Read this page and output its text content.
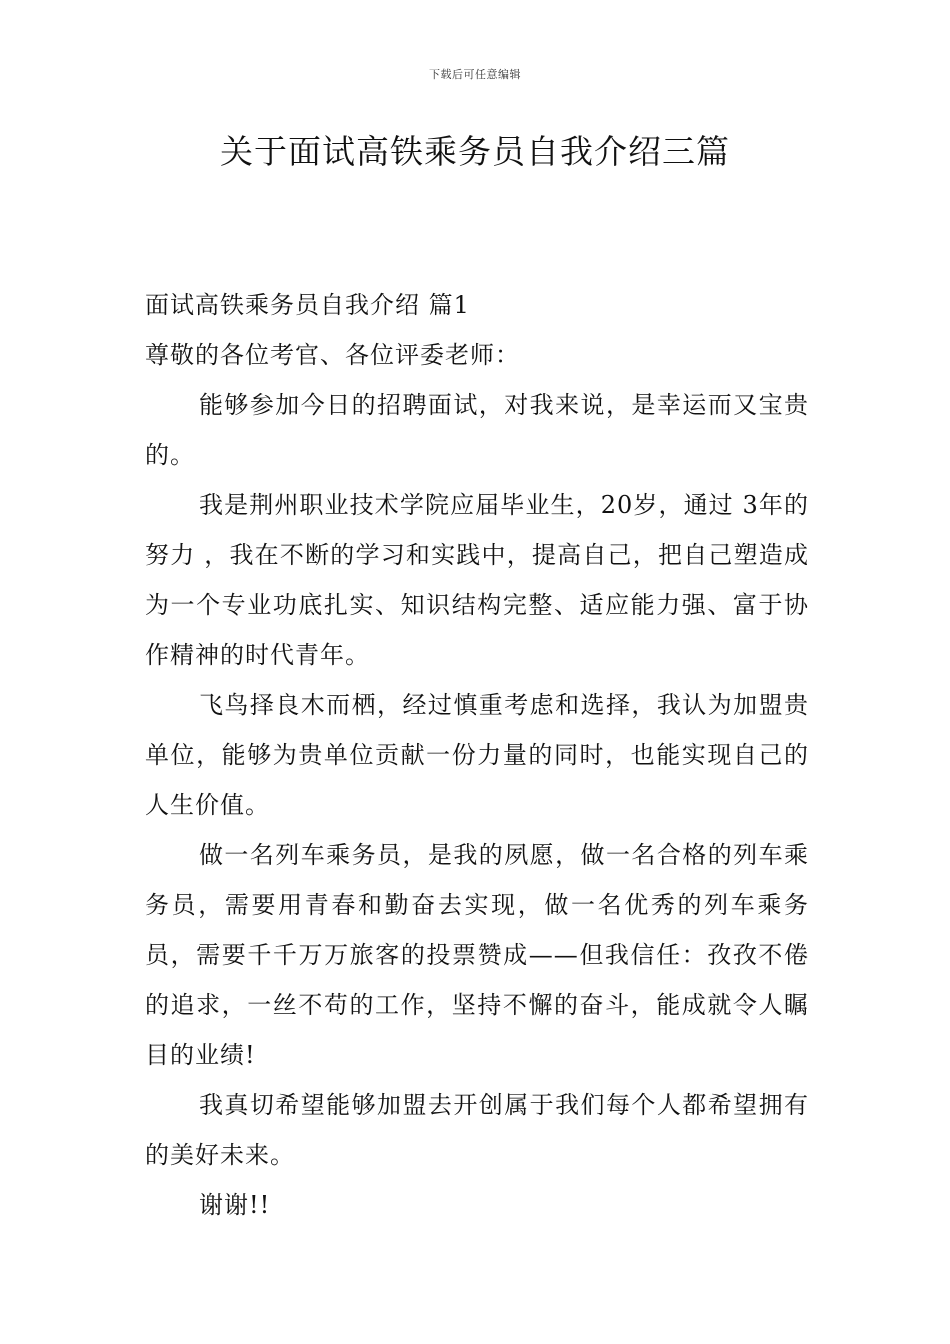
下载后可任意编辑
关于面试高铁乘务员自我介绍三篇

面试高铁乘务员自我介绍 篇1

尊敬的各位考官、各位评委老师：

能够参加今日的招聘面试，对我来说，是幸运而又宝贵的。

我是荆州职业技术学院应届毕业生，20岁，通过 3年的努力 ，我在不断的学习和实践中，提高自己，把自己塑造成为一个专业功底扎实、知识结构完整、适应能力强、富于协作精神的时代青年。

飞鸟择良木而栖，经过慎重考虑和选择，我认为加盟贵单位，能够为贵单位贡献一份力量的同时，也能实现自己的人生价值。

做一名列车乘务员，是我的夙愿，做一名合格的列车乘务员，需要用青春和勤奋去实现，做一名优秀的列车乘务员，需要千千万万旅客的投票赞成——但我信任：孜孜不倦的追求，一丝不苟的工作，坚持不懈的奋斗，能成就令人瞩目的业绩!

我真切希望能够加盟去开创属于我们每个人都希望拥有的美好未来。

谢谢!!
